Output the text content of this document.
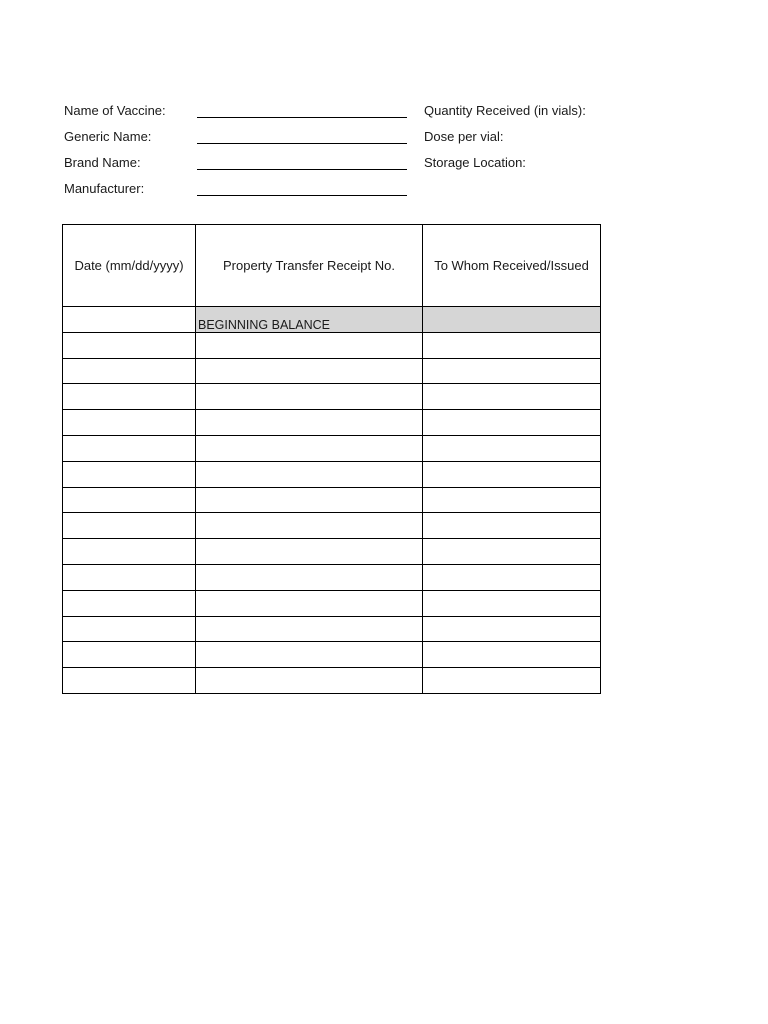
Name of Vaccine:
Generic Name:
Brand Name:
Manufacturer:
Quantity Received (in vials):
Dose per vial:
Storage Location:
Date (mm/dd/yyyy)	Property Transfer Receipt No.	To Whom Received/Issued
	BEGINNING BALANCE	
